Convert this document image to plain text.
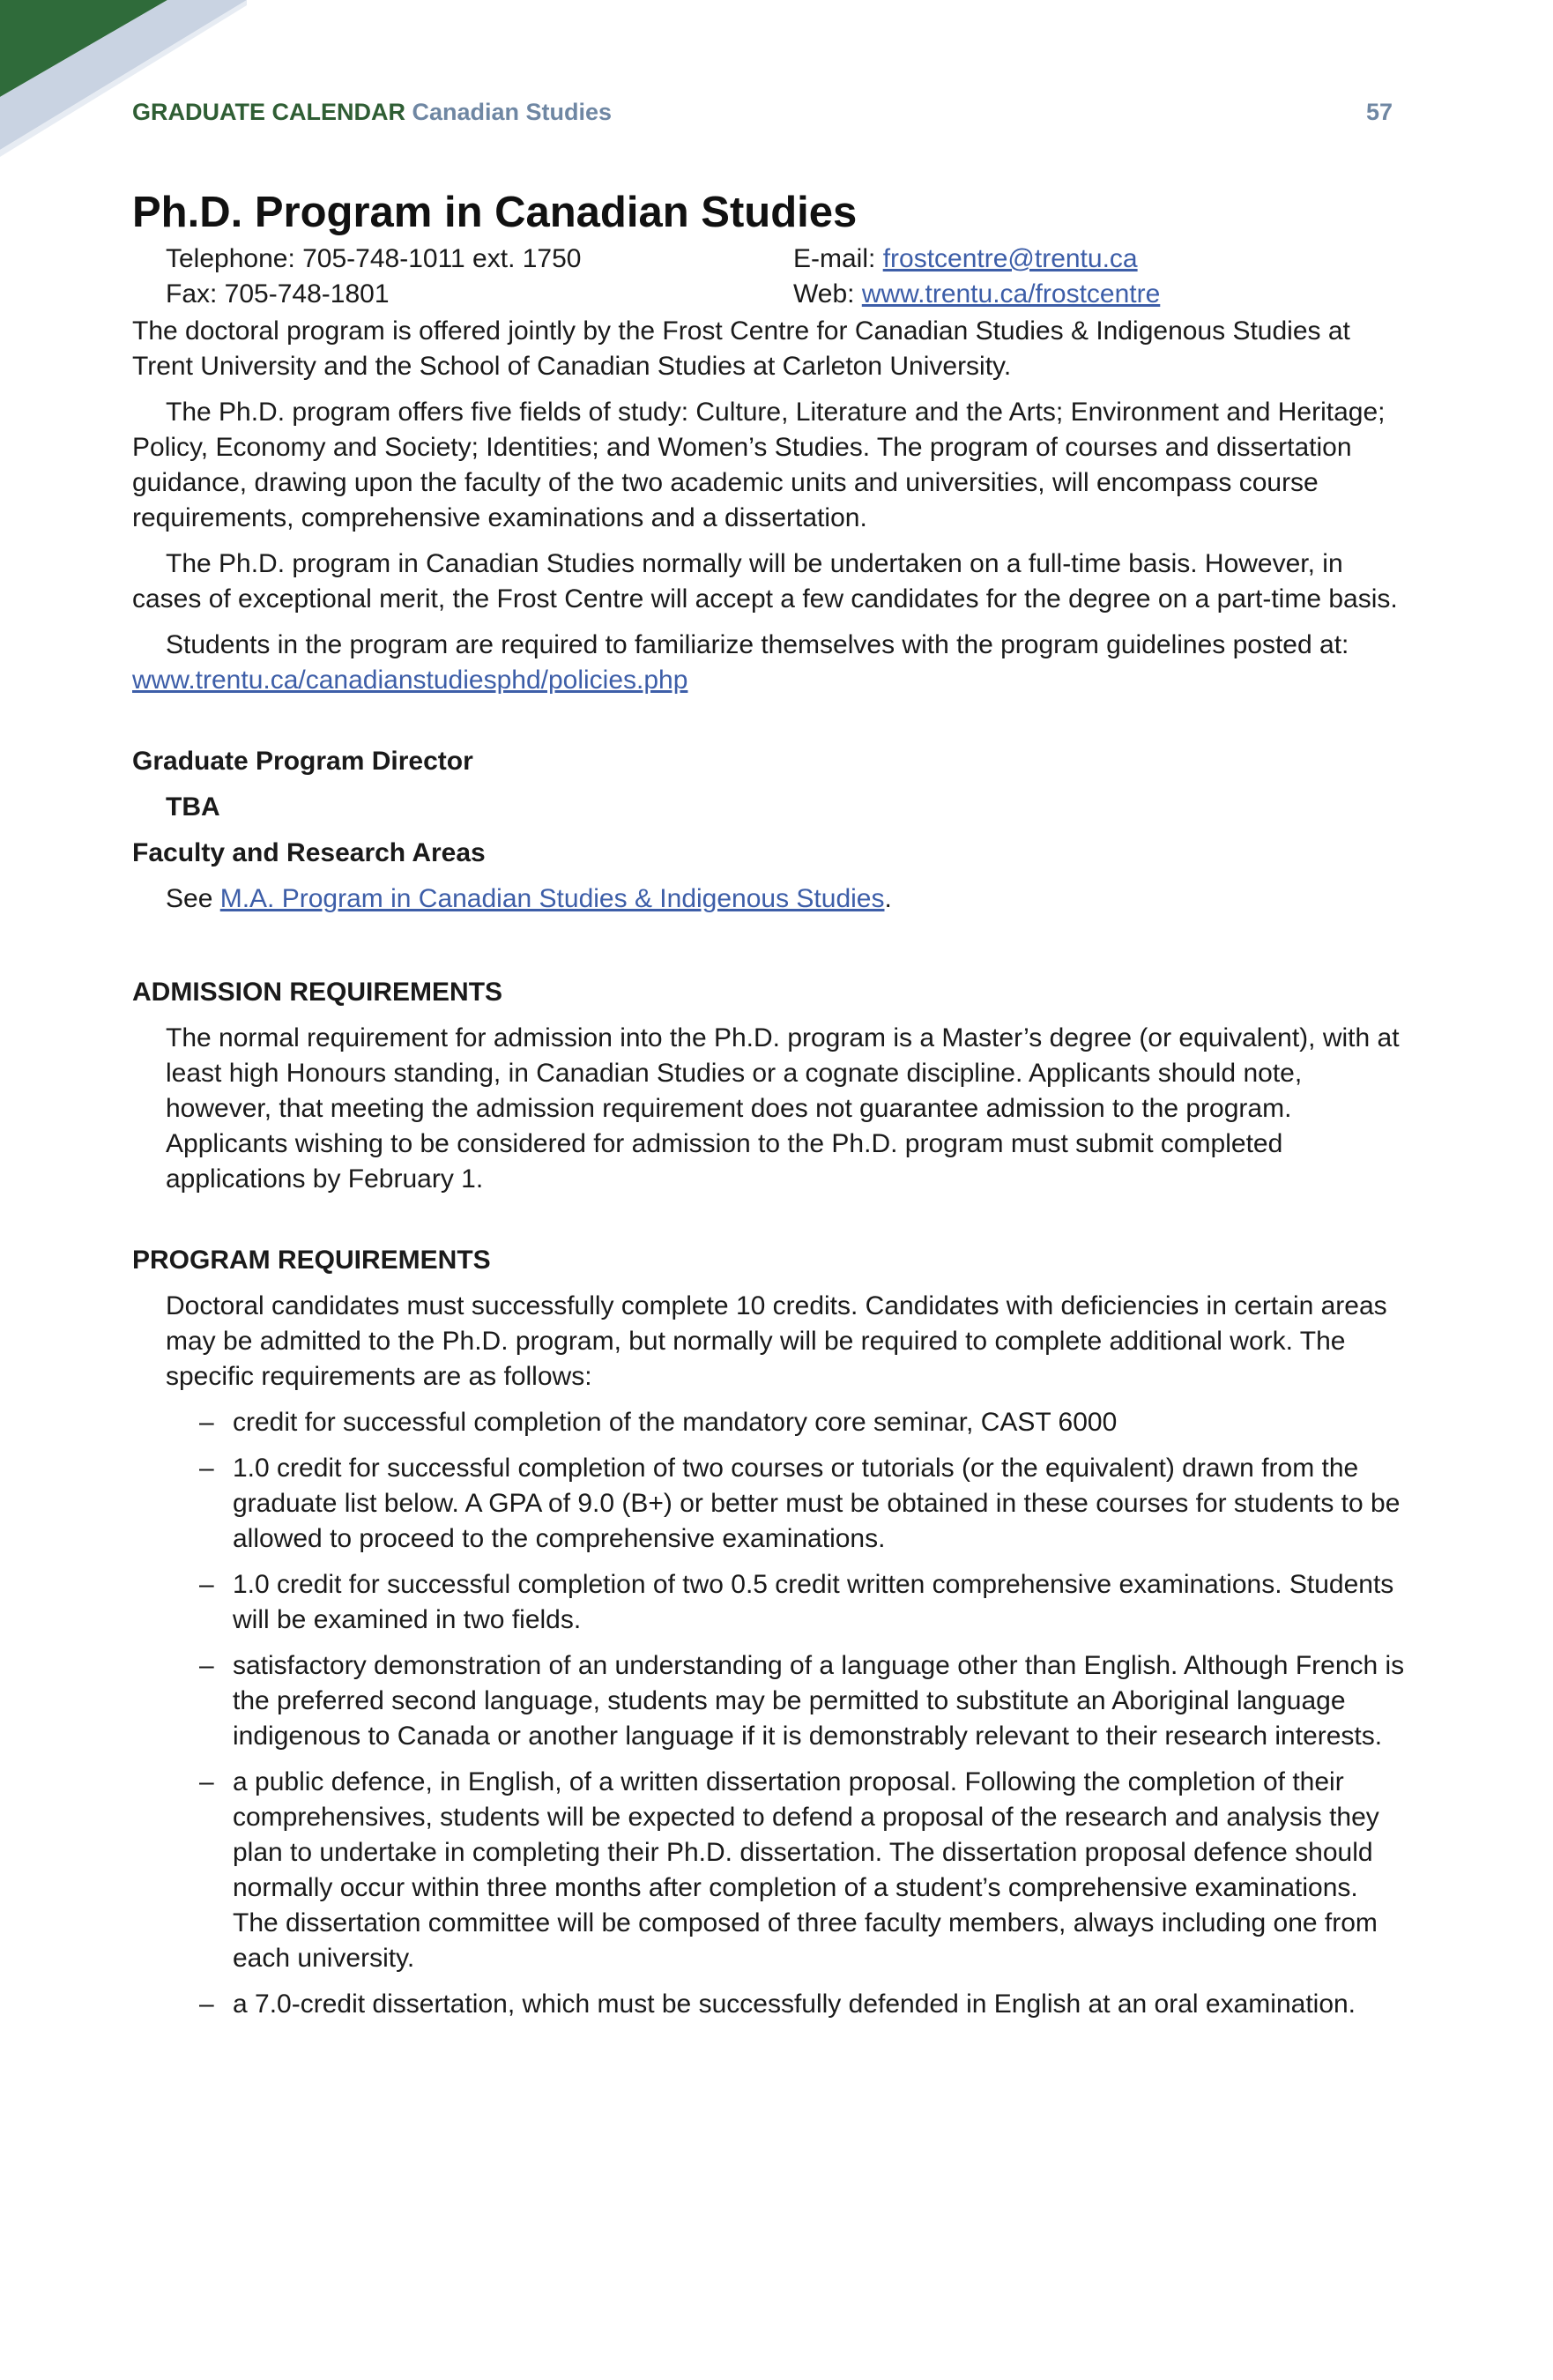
GRADUATE CALENDAR Canadian Studies	57
Ph.D. Program in Canadian Studies
Telephone: 705-748-1011 ext. 1750
Fax: 705-748-1801
E-mail: frostcentre@trentu.ca
Web: www.trentu.ca/frostcentre

The doctoral program is offered jointly by the Frost Centre for Canadian Studies & Indigenous Studies at Trent University and the School of Canadian Studies at Carleton University.

The Ph.D. program offers five fields of study: Culture, Literature and the Arts; Environment and Heritage; Policy, Economy and Society; Identities; and Women’s Studies. The program of courses and dissertation guidance, drawing upon the faculty of the two academic units and universities, will encompass course requirements, comprehensive examinations and a dissertation.

The Ph.D. program in Canadian Studies normally will be undertaken on a full-time basis. However, in cases of exceptional merit, the Frost Centre will accept a few candidates for the degree on a part-time basis.

Students in the program are required to familiarize themselves with the program guidelines posted at: www.trentu.ca/canadianstudiesphd/policies.php

Graduate Program Director

TBA

Faculty and Research Areas

See M.A. Program in Canadian Studies & Indigenous Studies.

ADMISSION REQUIREMENTS

The normal requirement for admission into the Ph.D. program is a Master’s degree (or equivalent), with at least high Honours standing, in Canadian Studies or a cognate discipline. Applicants should note, however, that meeting the admission requirement does not guarantee admission to the program. Applicants wishing to be considered for admission to the Ph.D. program must submit completed applications by February 1.

PROGRAM REQUIREMENTS

Doctoral candidates must successfully complete 10 credits. Candidates with deficiencies in certain areas may be admitted to the Ph.D. program, but normally will be required to complete additional work. The specific requirements are as follows:

– credit for successful completion of the mandatory core seminar, CAST 6000
– 1.0 credit for successful completion of two courses or tutorials (or the equivalent) drawn from the graduate list below. A GPA of 9.0 (B+) or better must be obtained in these courses for students to be allowed to proceed to the comprehensive examinations.
– 1.0 credit for successful completion of two 0.5 credit written comprehensive examinations. Students will be examined in two fields.
– satisfactory demonstration of an understanding of a language other than English. Although French is the preferred second language, students may be permitted to substitute an Aboriginal language indigenous to Canada or another language if it is demonstrably relevant to their research interests.
– a public defence, in English, of a written dissertation proposal. Following the completion of their comprehensives, students will be expected to defend a proposal of the research and analysis they plan to undertake in completing their Ph.D. dissertation. The dissertation proposal defence should normally occur within three months after completion of a student’s comprehensive examinations. The dissertation committee will be composed of three faculty members, always including one from each university.
– a 7.0-credit dissertation, which must be successfully defended in English at an oral examination.
